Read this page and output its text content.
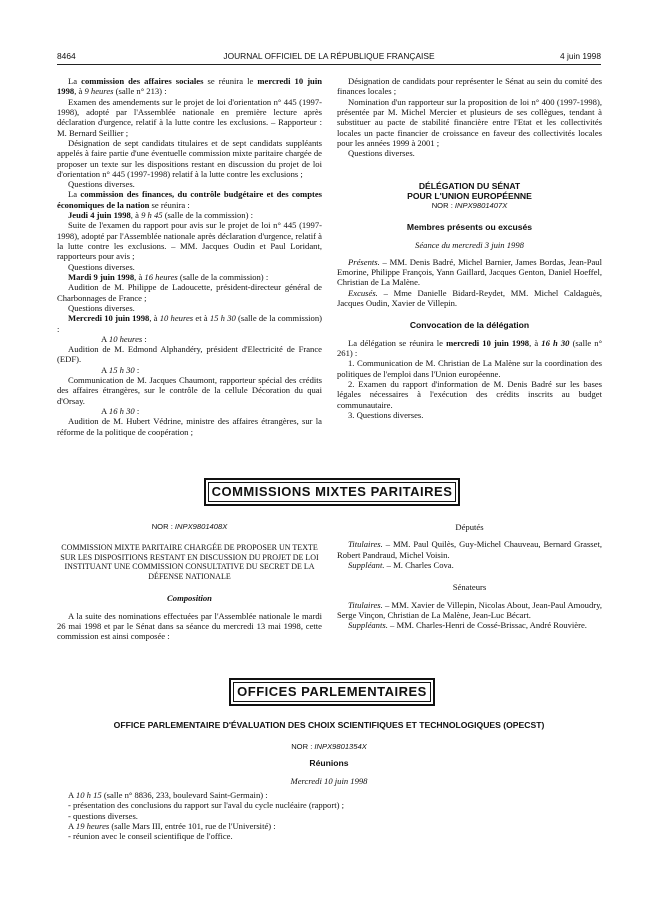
8464	JOURNAL OFFICIEL DE LA RÉPUBLIQUE FRANÇAISE	4 juin 1998

La commission des affaires sociales se réunira le mercredi 10 juin 1998, à 9 heures (salle n° 213) :

Examen des amendements sur le projet de loi d'orientation n° 445 (1997-1998), adopté par l'Assemblée nationale en première lecture après déclaration d'urgence, relatif à la lutte contre les exclusions. – Rapporteur : M. Bernard Seillier ;

Désignation de sept candidats titulaires et de sept candidats suppléants appelés à faire partie d'une éventuelle commission mixte paritaire chargée de proposer un texte sur les dispositions restant en discussion du projet de loi d'orientation n° 445 (1997-1998) relatif à la lutte contre les exclusions ;

Questions diverses.

La commission des finances, du contrôle budgétaire et des comptes économiques de la nation se réunira :

Jeudi 4 juin 1998, à 9 h 45 (salle de la commission) :

Suite de l'examen du rapport pour avis sur le projet de loi n° 445 (1997-1998), adopté par l'Assemblée nationale après déclaration d'urgence, relatif à la lutte contre les exclusions. – MM. Jacques Oudin et Paul Loridant, rapporteurs pour avis ;

Questions diverses.

Mardi 9 juin 1998, à 16 heures (salle de la commission) :

Audition de M. Philippe de Ladoucette, président-directeur général de Charbonnages de France ;

Questions diverses.

Mercredi 10 juin 1998, à 10 heures et à 15 h 30 (salle de la commission) :

A 10 heures :

Audition de M. Edmond Alphandéry, président d'Electricité de France (EDF).

A 15 h 30 :

Communication de M. Jacques Chaumont, rapporteur spécial des crédits des affaires étrangères, sur le contrôle de la cellule Décoration du quai d'Orsay.

A 16 h 30 :

Audition de M. Hubert Védrine, ministre des affaires étrangères, sur la réforme de la politique de coopération ;

Désignation de candidats pour représenter le Sénat au sein du comité des finances locales ;

Nomination d'un rapporteur sur la proposition de loi n° 400 (1997-1998), présentée par M. Michel Mercier et plusieurs de ses collègues, tendant à substituer au pacte de stabilité financière entre l'Etat et les collectivités locales un pacte financier de croissance en faveur des collectivités locales pour les années 1999 à 2001 ;

Questions diverses.

DÉLÉGATION DU SÉNAT
POUR L'UNION EUROPÉENNE
NOR : INPX9801407X
Membres présents ou excusés

Séance du mercredi 3 juin 1998

Présents. – MM. Denis Badré, Michel Barnier, James Bordas, Jean-Paul Emorine, Philippe François, Yann Gaillard, Jacques Genton, Daniel Hoeffel, Christian de La Malène.

Excusés. – Mme Danielle Bidard-Reydet, MM. Michel Caldaguès, Jacques Oudin, Xavier de Villepin.

Convocation de la délégation

La délégation se réunira le mercredi 10 juin 1998, à 16 h 30 (salle n° 261) :

1. Communication de M. Christian de La Malène sur la coordination des politiques de l'emploi dans l'Union européenne.

2. Examen du rapport d'information de M. Denis Badré sur les bases légales nécessaires à l'exécution des crédits inscrits au budget communautaire.

3. Questions diverses.

COMMISSIONS MIXTES PARITAIRES
NOR : INPX9801408X

COMMISSION MIXTE PARITAIRE CHARGÉE DE PROPOSER UN TEXTE SUR LES DISPOSITIONS RESTANT EN DISCUSSION DU PROJET DE LOI INSTITUANT UNE COMMISSION CONSULTATIVE DU SECRET DE LA DÉFENSE NATIONALE

Composition

A la suite des nominations effectuées par l'Assemblée nationale le mardi 26 mai 1998 et par le Sénat dans sa séance du mercredi 13 mai 1998, cette commission est ainsi composée :

Députés

Titulaires. – MM. Paul Quilès, Guy-Michel Chauveau, Bernard Grasset, Robert Pandraud, Michel Voisin.

Suppléant. – M. Charles Cova.

Sénateurs

Titulaires. – MM. Xavier de Villepin, Nicolas About, Jean-Paul Amoudry, Serge Vinçon, Christian de La Malène, Jean-Luc Bécart.

Suppléants. – MM. Charles-Henri de Cossé-Brissac, André Rouvière.

OFFICES PARLEMENTAIRES

OFFICE PARLEMENTAIRE D'ÉVALUATION DES CHOIX SCIENTIFIQUES ET TECHNOLOGIQUES (OPECST)

NOR : INPX9801354X
Réunions

Mercredi 10 juin 1998

A 10 h 15 (salle n° 8836, 233, boulevard Saint-Germain) :

- présentation des conclusions du rapport sur l'aval du cycle nucléaire (rapport) ;

- questions diverses.

A 19 heures (salle Mars III, entrée 101, rue de l'Université) :

- réunion avec le conseil scientifique de l'office.
